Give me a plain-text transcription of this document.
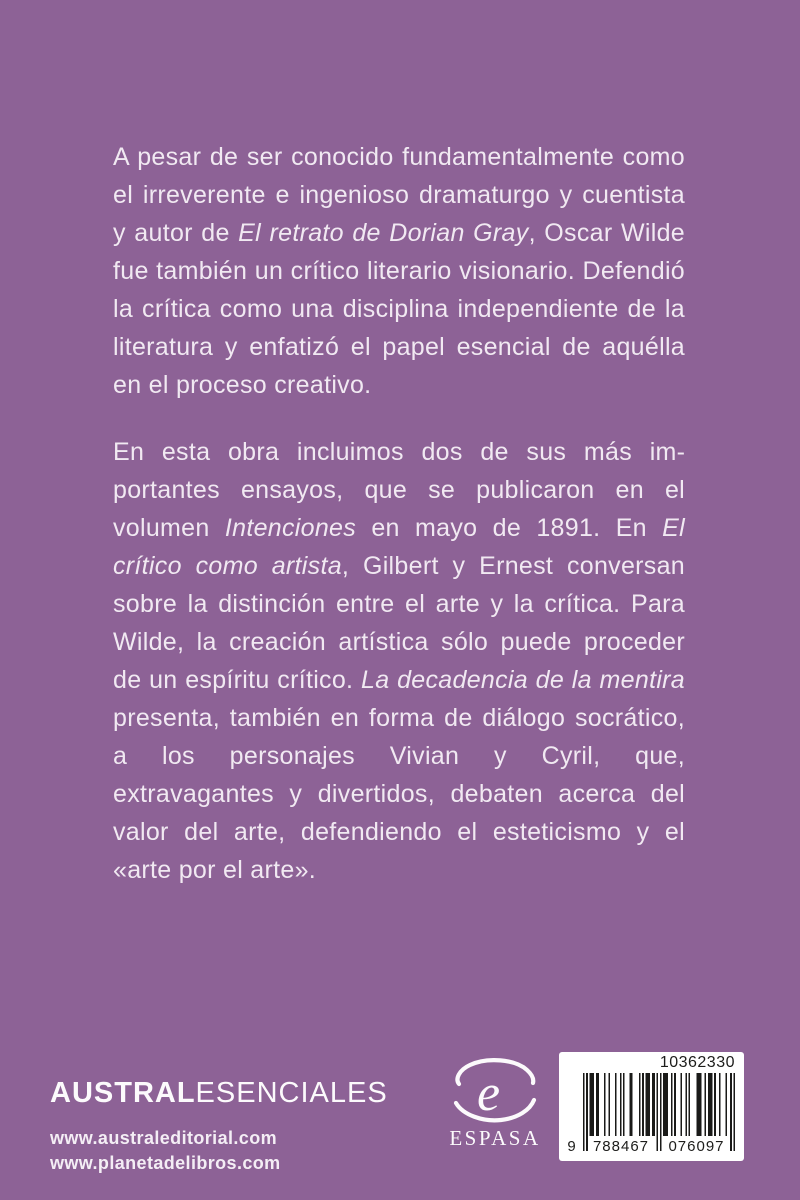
A pesar de ser conocido fundamentalmente como el irreverente e ingenioso dramaturgo y cuentista y autor de El retrato de Dorian Gray, Oscar Wilde fue también un crítico literario visionario. Defendió la crítica como una disciplina independiente de la literatura y enfatizó el papel esencial de aquélla en el proceso creativo.

En esta obra incluimos dos de sus más importantes ensayos, que se publicaron en el volumen Intenciones en mayo de 1891. En El crítico como artista, Gilbert y Ernest conversan sobre la distinción entre el arte y la crítica. Para Wilde, la creación artística sólo puede proceder de un espíritu crítico. La decadencia de la mentira presenta, también en forma de diálogo socrático, a los personajes Vivian y Cyril, que, extravagantes y divertidos, debaten acerca del valor del arte, defendiendo el esteticismo y el «arte por el arte».

AUSTRALESENCIALES
www.australeditorial.com
www.planetadelibros.com
e
ESPASA
10362330
9	788467	076097
